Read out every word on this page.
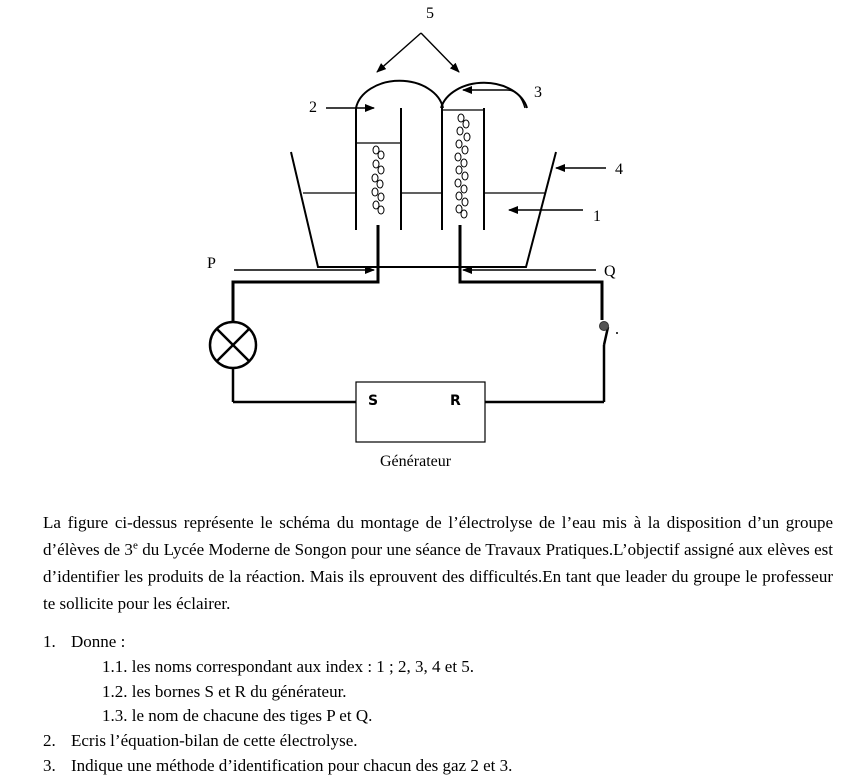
S	R
Générateur
5
2
3
4
1
P	Q
La figure ci-dessus représente le schéma du montage de l’électrolyse de l’eau mis à la disposition d’un groupe d’élèves de 3e du Lycée Moderne de Songon pour une séance de Travaux Pratiques.L’objectif assigné aux elèves est d’identifier les produits de la réaction. Mais ils eprouvent des difficultés.En tant que leader du groupe le professeur te sollicite pour les éclairer.
1. Donne :
1.1. les noms correspondant aux index : 1 ; 2, 3, 4 et 5.
1.2. les bornes S et R du générateur.
1.3. le nom de chacune des tiges P et Q.
2. Ecris l’équation-bilan de cette électrolyse.
3. Indique une méthode d’identification pour chacun des gaz 2 et 3.
